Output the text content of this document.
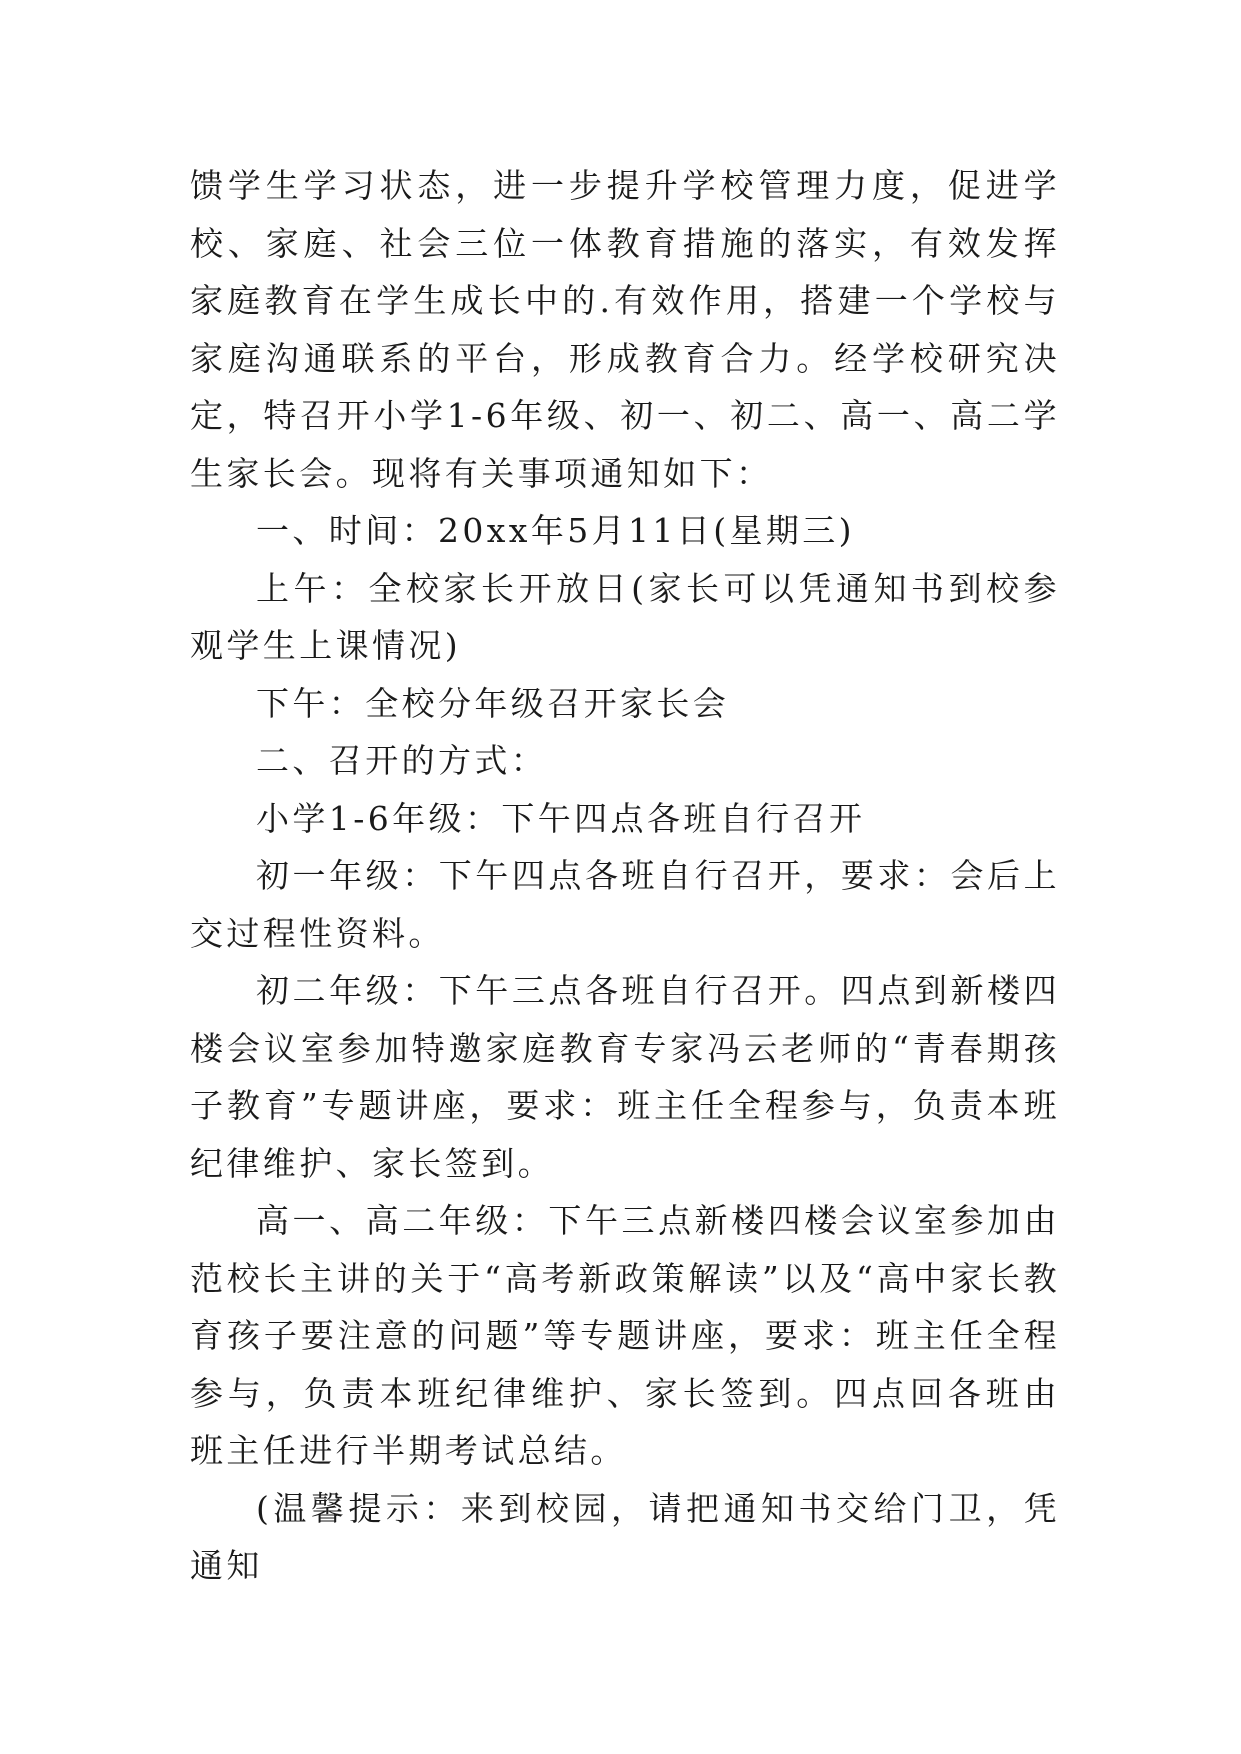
馈学生学习状态，进一步提升学校管理力度，促进学校、家庭、社会三位一体教育措施的落实，有效发挥家庭教育在学生成长中的.有效作用，搭建一个学校与家庭沟通联系的平台，形成教育合力。经学校研究决定，特召开小学1-6年级、初一、初二、高一、高二学生家长会。现将有关事项通知如下：

一、时间：20xx年5月11日(星期三)

上午：全校家长开放日(家长可以凭通知书到校参观学生上课情况)

下午：全校分年级召开家长会

二、召开的方式：

小学1-6年级：下午四点各班自行召开

初一年级：下午四点各班自行召开，要求：会后上交过程性资料。

初二年级：下午三点各班自行召开。四点到新楼四楼会议室参加特邀家庭教育专家冯云老师的“青春期孩子教育”专题讲座，要求：班主任全程参与，负责本班纪律维护、家长签到。

高一、高二年级：下午三点新楼四楼会议室参加由范校长主讲的关于“高考新政策解读”以及“高中家长教育孩子要注意的问题”等专题讲座，要求：班主任全程参与，负责本班纪律维护、家长签到。四点回各班由班主任进行半期考试总结。

(温馨提示：来到校园，请把通知书交给门卫，凭通知
